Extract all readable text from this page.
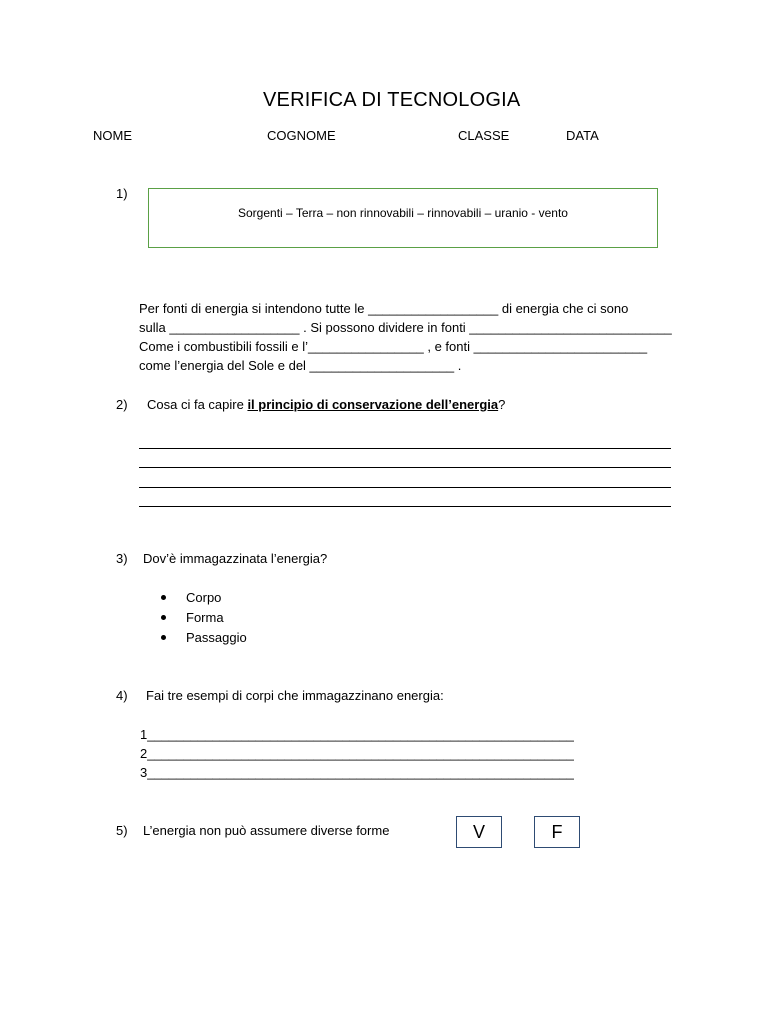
VERIFICA DI TECNOLOGIA
NOME	COGNOME	CLASSE	DATA
1)
Sorgenti – Terra – non rinnovabili – rinnovabili – uranio - vento
Per fonti di energia si intendono tutte le __________________ di energia che ci sono
sulla __________________ . Si possono dividere in fonti ____________________________
Come i combustibili fossili e l’________________ , e fonti ________________________
come l’energia del Sole e del ____________________ .
2) Cosa ci fa capire il principio di conservazione dell’energia?
3) Dov’è immagazzinata l’energia?
Corpo
Forma
Passaggio
4) Fai tre esempi di corpi che immagazzinano energia:
1___________________________________________________________
2___________________________________________________________
3___________________________________________________________
5) L’energia non può assumere diverse forme	V	F
